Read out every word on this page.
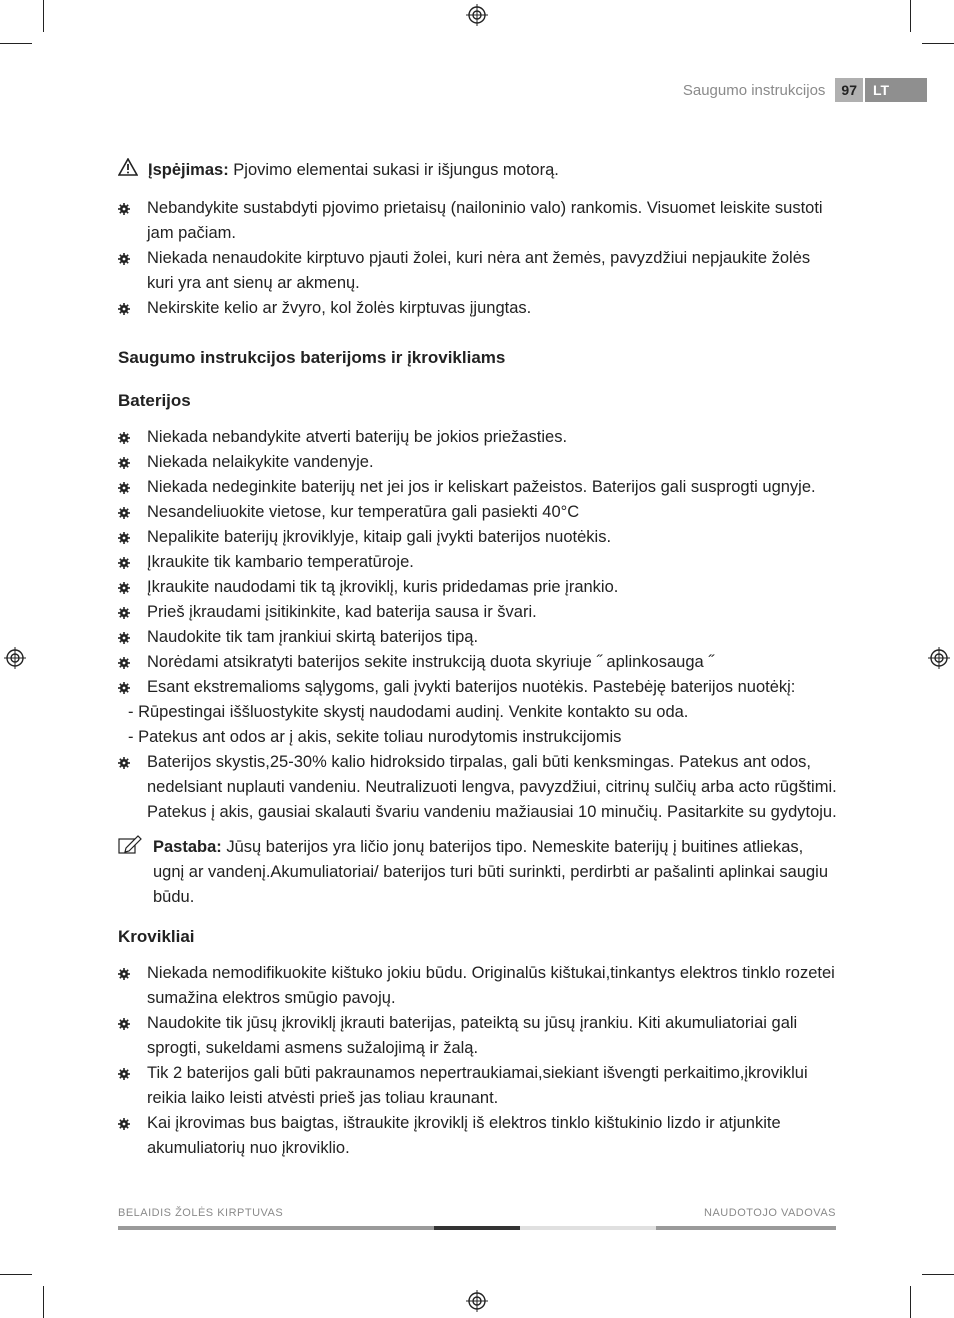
Saugumo instrukcijos	97	LT
Įspėjimas: Pjovimo elementai sukasi ir išjungus motorą.
Nebandykite sustabdyti pjovimo prietaisų (nailoninio valo) rankomis. Visuomet leiskite sustoti jam pačiam.
Niekada nenaudokite kirptuvo pjauti žolei, kuri nėra ant žemės, pavyzdžiui nepjaukite žolės kuri yra ant sienų ar akmenų.
Nekirskite kelio ar žvyro, kol žolės kirptuvas įjungtas.
Saugumo instrukcijos baterijoms ir įkrovikliams
Baterijos
Niekada nebandykite atverti baterijų be jokios priežasties.
Niekada nelaikykite vandenyje.
Niekada nedeginkite baterijų net jei jos ir keliskart pažeistos. Baterijos gali susprogti ugnyje.
Nesandeliuokite vietose, kur temperatūra gali pasiekti 40°C
Nepalikite baterijų įkroviklyje, kitaip gali įvykti baterijos nuotėkis.
Įkraukite tik kambario temperatūroje.
Įkraukite naudodami tik tą įkroviklį, kuris pridedamas prie įrankio.
Prieš įkraudami įsitikinkite, kad baterija sausa ir švari.
Naudokite tik tam įrankiui skirtą baterijos tipą.
Norėdami atsikratyti baterijos sekite instrukciją duota skyriuje ˝ aplinkosauga ˝
Esant ekstremalioms sąlygoms, gali įvykti baterijos nuotėkis. Pastebėję baterijos nuotėkį:
- Rūpestingai iššluostykite skystį naudodami audinį. Venkite kontakto su oda.
- Patekus ant odos ar į akis, sekite toliau nurodytomis instrukcijomis
Baterijos skystis,25-30% kalio hidroksido tirpalas, gali būti kenksmingas. Patekus ant odos, nedelsiant nuplauti vandeniu. Neutralizuoti lengva, pavyzdžiui, citrinų sulčių arba acto rūgštimi. Patekus į akis, gausiai skalauti švariu vandeniu mažiausiai 10 minučių. Pasitarkite su gydytoju.
Pastaba: Jūsų baterijos yra ličio jonų baterijos tipo. Nemeskite baterijų į buitines atliekas, ugnį ar vandenį.Akumuliatoriai/ baterijos turi būti surinkti, perdirbti ar pašalinti aplinkai saugiu būdu.
Krovikliai
Niekada nemodifikuokite kištuko jokiu būdu. Originalūs kištukai,tinkantys elektros tinklo rozetei sumažina elektros smūgio pavojų.
Naudokite tik jūsų įkroviklį įkrauti baterijas, pateiktą su jūsų įrankiu. Kiti akumuliatoriai gali sprogti, sukeldami asmens sužalojimą ir žalą.
Tik 2 baterijos gali būti pakraunamos nepertraukiamai,siekiant išvengti perkaitimo,įkroviklui reikia laiko leisti atvėsti prieš jas toliau kraunant.
Kai įkrovimas bus baigtas, ištraukite įkroviklį iš elektros tinklo kištukinio lizdo ir atjunkite akumuliatorių nuo įkroviklio.
BELAIDIS ŽOLĖS KIRPTUVAS	NAUDOTOJO VADOVAS
